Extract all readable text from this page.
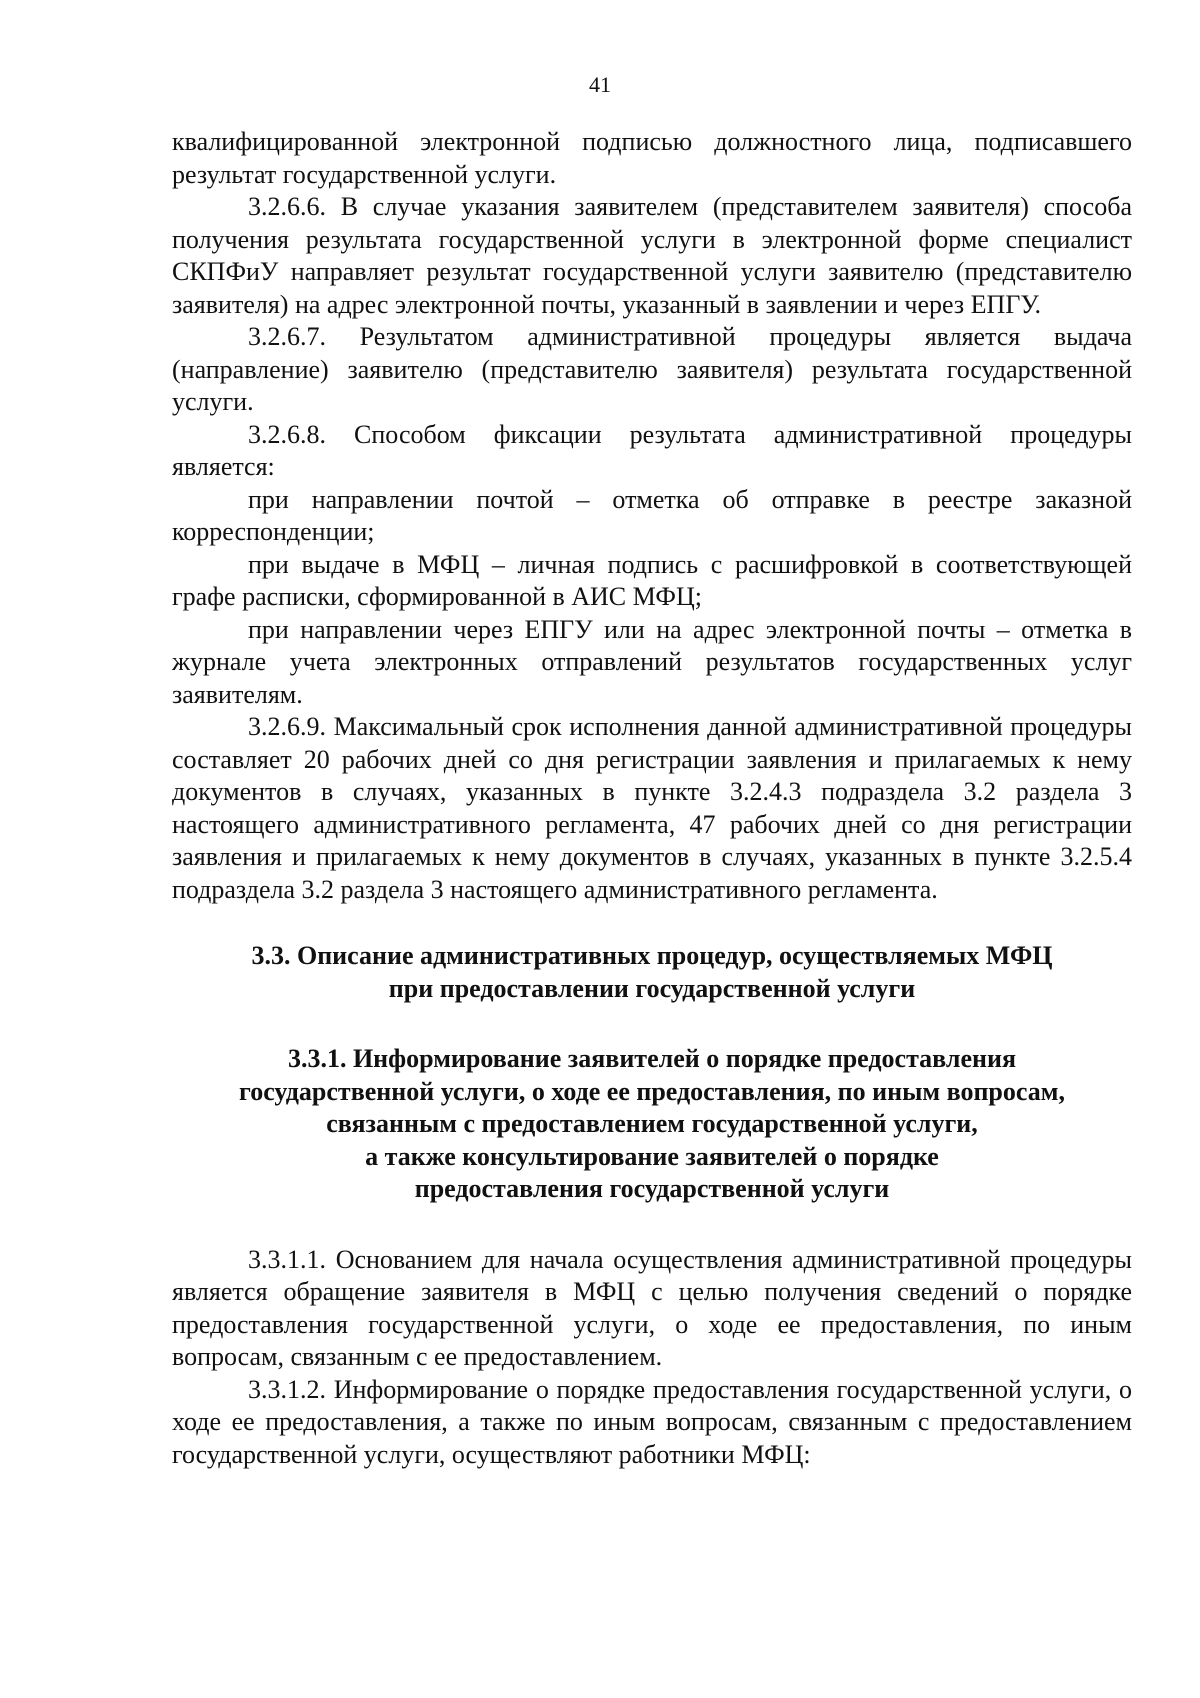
41

квалифицированной электронной подписью должностного лица, подписавшего результат государственной услуги.

3.2.6.6. В случае указания заявителем (представителем заявителя) способа получения результата государственной услуги в электронной форме специалист СКПФиУ направляет результат государственной услуги заявителю (представителю заявителя) на адрес электронной почты, указанный в заявлении и через ЕПГУ.

3.2.6.7. Результатом административной процедуры является выдача (направление) заявителю (представителю заявителя) результата государственной услуги.

3.2.6.8. Способом фиксации результата административной процедуры является:

при направлении почтой – отметка об отправке в реестре заказной корреспонденции;

при выдаче в МФЦ – личная подпись с расшифровкой в соответствующей графе расписки, сформированной в АИС МФЦ;

при направлении через ЕПГУ или на адрес электронной почты – отметка в журнале учета электронных отправлений результатов государственных услуг заявителям.

3.2.6.9. Максимальный срок исполнения данной административной процедуры составляет 20 рабочих дней со дня регистрации заявления и прилагаемых к нему документов в случаях, указанных в пункте 3.2.4.3 подраздела 3.2 раздела 3 настоящего административного регламента, 47 рабочих дней со дня регистрации заявления и прилагаемых к нему документов в случаях, указанных в пункте 3.2.5.4 подраздела 3.2 раздела 3 настоящего административного регламента.

3.3. Описание административных процедур, осуществляемых МФЦ
при предоставлении государственной услуги
3.3.1. Информирование заявителей о порядке предоставления
государственной услуги, о ходе ее предоставления, по иным вопросам,
связанным с предоставлением государственной услуги,
а также консультирование заявителей о порядке
предоставления государственной услуги

3.3.1.1. Основанием для начала осуществления административной процедуры является обращение заявителя в МФЦ с целью получения сведений о порядке предоставления государственной услуги, о ходе ее предоставления, по иным вопросам, связанным с ее предоставлением.

3.3.1.2. Информирование о порядке предоставления государственной услуги, о ходе ее предоставления, а также по иным вопросам, связанным с предоставлением государственной услуги, осуществляют работники МФЦ:
